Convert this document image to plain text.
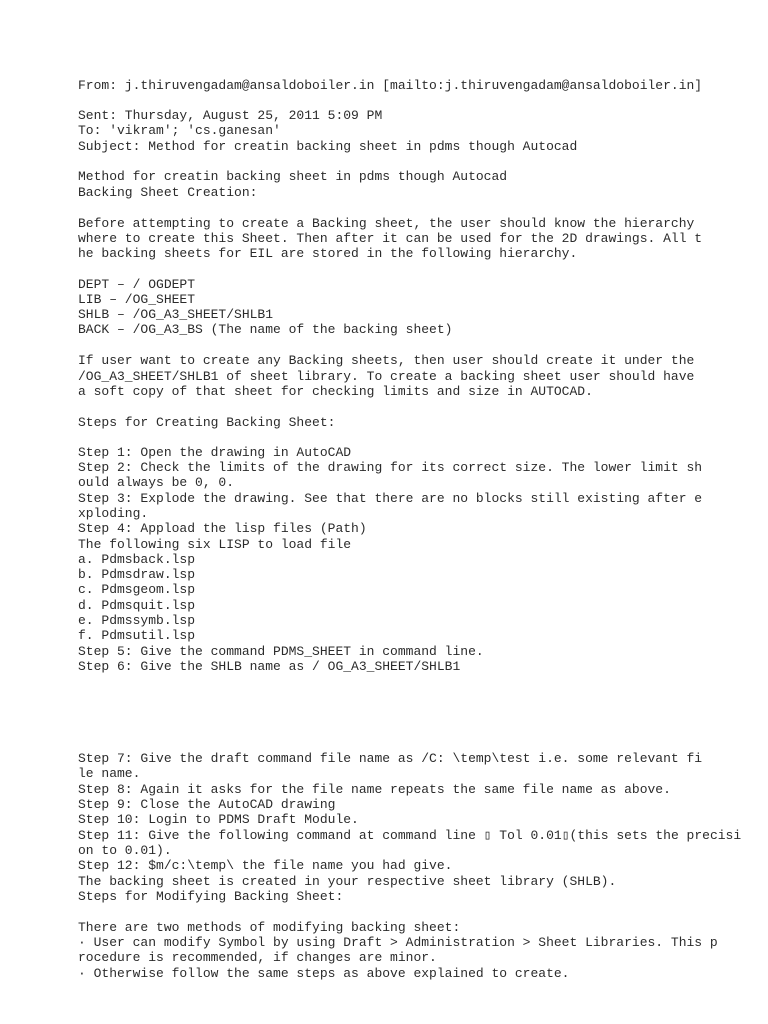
From: j.thiruvengadam@ansaldoboiler.in [mailto:j.thiruvengadam@ansaldoboiler.in]
Sent: Thursday, August 25, 2011 5:09 PM
To: 'vikram'; 'cs.ganesan'
Subject: Method for creatin backing sheet in pdms though Autocad
Method for creatin backing sheet in pdms though Autocad
Backing Sheet Creation:
Before attempting to create a Backing sheet, the user should know the hierarchy
where to create this Sheet. Then after it can be used for the 2D drawings. All t
he backing sheets for EIL are stored in the following hierarchy.
DEPT – / OGDEPT
LIB – /OG_SHEET
SHLB – /OG_A3_SHEET/SHLB1
BACK – /OG_A3_BS (The name of the backing sheet)
If user want to create any Backing sheets, then user should create it under the
/OG_A3_SHEET/SHLB1 of sheet library. To create a backing sheet user should have
a soft copy of that sheet for checking limits and size in AUTOCAD.
Steps for Creating Backing Sheet:
Step 1: Open the drawing in AutoCAD
Step 2: Check the limits of the drawing for its correct size. The lower limit sh
ould always be 0, 0.
Step 3: Explode the drawing. See that there are no blocks still existing after e
xploding.
Step 4: Appload the lisp files (Path)
The following six LISP to load file
a. Pdmsback.lsp
b. Pdmsdraw.lsp
c. Pdmsgeom.lsp
d. Pdmsquit.lsp
e. Pdmssymb.lsp
f. Pdmsutil.lsp
Step 5: Give the command PDMS_SHEET in command line.
Step 6: Give the SHLB name as / OG_A3_SHEET/SHLB1
Step 7: Give the draft command file name as /C: \temp\test i.e. some relevant fi
le name.
Step 8: Again it asks for the file name repeats the same file name as above.
Step 9: Close the AutoCAD drawing
Step 10: Login to PDMS Draft Module.
Step 11: Give the following command at command line ▯ Tol 0.01▯(this sets the precisi
on to 0.01).
Step 12: $m/c:\temp\ the file name you had give.
The backing sheet is created in your respective sheet library (SHLB).
Steps for Modifying Backing Sheet:
There are two methods of modifying backing sheet:
· User can modify Symbol by using Draft > Administration > Sheet Libraries. This p
rocedure is recommended, if changes are minor.
· Otherwise follow the same steps as above explained to create.
